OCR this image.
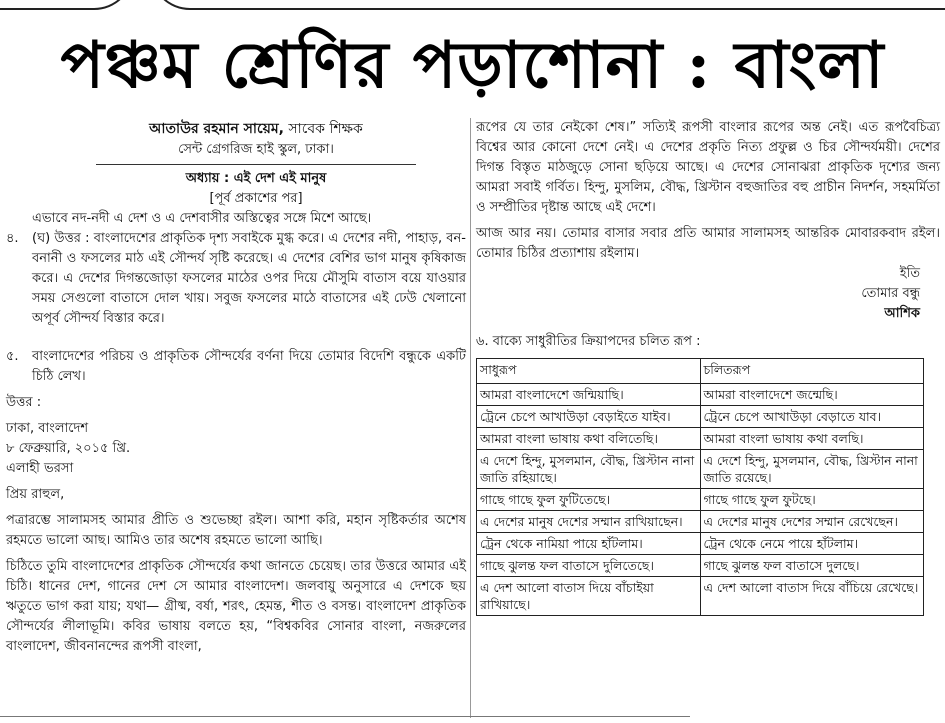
পঞ্চম শ্রেণির পড়াশোনা : বাংলা
আতাউর রহমান সায়েম, সাবেক শিক্ষক
সেন্ট গ্রেগরিজ হাই স্কুল, ঢাকা।
অধ্যায় : এই দেশ এই মানুষ
[পূর্ব প্রকাশের পর]

এভাবে নদ-নদী এ দেশ ও এ দেশবাসীর অস্তিত্বের সঙ্গে মিশে আছে।

৪.	(ঘ) উত্তর : বাংলাদেশের প্রাকৃতিক দৃশ্য সবাইকে মুগ্ধ করে। এ দেশের নদী, পাহাড়, বন-বনানী ও ফসলের মাঠ এই সৌন্দর্য সৃষ্টি করেছে। এ দেশের বেশির ভাগ মানুষ কৃষিকাজ করে। এ দেশের দিগন্তজোড়া ফসলের মাঠের ওপর দিয়ে মৌসুমি বাতাস বয়ে যাওয়ার সময় সেগুলো বাতাসে দোল খায়। সবুজ ফসলের মাঠে বাতাসের এই ঢেউ খেলানো অপূর্ব সৌন্দর্য বিস্তার করে।

৫.	বাংলাদেশের পরিচয় ও প্রাকৃতিক সৌন্দর্যের বর্ণনা দিয়ে তোমার বিদেশি বন্ধুকে একটি চিঠি লেখ।

উত্তর :

ঢাকা, বাংলাদেশ

৮ ফেব্রুয়ারি, ২০১৫ খ্রি.

এলাহী ভরসা

প্রিয় রাহুল,

পত্রারম্ভে সালামসহ আমার প্রীতি ও শুভেচ্ছা রইল। আশা করি, মহান সৃষ্টিকর্তার অশেষ রহমতে ভালো আছ। আমিও তার অশেষ রহমতে ভালো আছি।

চিঠিতে তুমি বাংলাদেশের প্রাকৃতিক সৌন্দর্যের কথা জানতে চেয়েছ। তার উত্তরে আমার এই চিঠি। ধানের দেশ, গানের দেশ সে আমার বাংলাদেশ। জলবায়ু অনুসারে এ দেশকে ছয় ঋতুতে ভাগ করা যায়; যথা— গ্রীষ্ম, বর্ষা, শরৎ, হেমন্ত, শীত ও বসন্ত। বাংলাদেশ প্রাকৃতিক সৌন্দর্যের লীলাভূমি। কবির ভাষায় বলতে হয়, “বিশ্বকবির সোনার বাংলা, নজরুলের বাংলাদেশ, জীবনানন্দের রূপসী বাংলা,

রূপের যে তার নেইকো শেষ।” সত্যিই রূপসী বাংলার রূপের অন্ত নেই। এত রূপবৈচিত্র্য বিশ্বের আর কোনো দেশে নেই। এ দেশের প্রকৃতি নিত্য প্রফুল্ল ও চির সৌন্দর্যময়ী। দেশের দিগন্ত বিস্তৃত মাঠজুড়ে সোনা ছড়িয়ে আছে। এ দেশের সোনাঝরা প্রাকৃতিক দৃশ্যের জন্য আমরা সবাই গর্বিত। হিন্দু, মুসলিম, বৌদ্ধ, খ্রিস্টান বহুজাতির বহু প্রাচীন নিদর্শন, সহমর্মিতা ও সম্প্রীতির দৃষ্টান্ত আছে এই দেশে।

আজ আর নয়। তোমার বাসার সবার প্রতি আমার সালামসহ আন্তরিক মোবারকবাদ রইল। তোমার চিঠির প্রত্যাশায় রইলাম।

ইতি

তোমার বন্ধু

আশিক

৬. বাক্যে সাধুরীতির ক্রিয়াপদের চলিত রূপ :

সাধুরূপ	চলিতরূপ
আমরা বাংলাদেশে জন্মিয়াছি।	আমরা বাংলাদেশে জন্মেছি।
ট্রেনে চেপে আখাউড়া বেড়াইতে যাইব।	ট্রেনে চেপে আখাউড়া বেড়াতে যাব।
আমরা বাংলা ভাষায় কথা বলিতেছি।	আমরা বাংলা ভাষায় কথা বলছি।
এ দেশে হিন্দু, মুসলমান, বৌদ্ধ, খ্রিস্টান নানা জাতি রহিয়াছে।	এ দেশে হিন্দু, মুসলমান, বৌদ্ধ, খ্রিস্টান নানা জাতি রয়েছে।
গাছে গাছে ফুল ফুটিতেছে।	গাছে গাছে ফুল ফুটছে।
এ দেশের মানুষ দেশের সম্মান রাখিয়াছেন।	এ দেশের মানুষ দেশের সম্মান রেখেছেন।
ট্রেন থেকে নামিয়া পায়ে হাঁটলাম।	ট্রেন থেকে নেমে পায়ে হাঁটলাম।
গাছে ঝুলন্ত ফল বাতাসে দুলিতেছে।	গাছে ঝুলন্ত ফল বাতাসে দুলছে।
এ দেশ আলো বাতাস দিয়ে বাঁচাইয়া রাখিয়াছে।	এ দেশ আলো বাতাস দিয়ে বাঁচিয়ে রেখেছে।
